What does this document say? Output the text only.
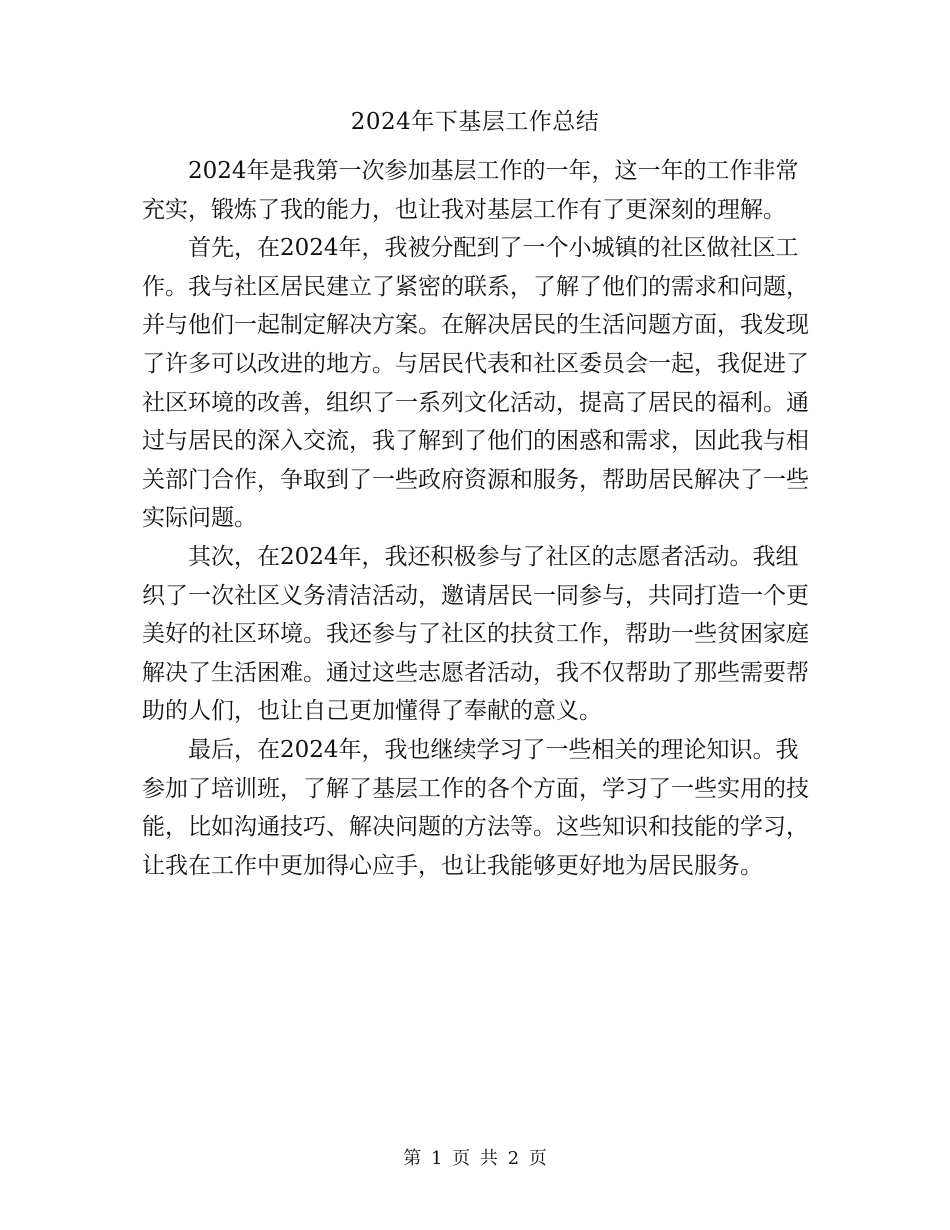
2024年下基层工作总结

2024年是我第一次参加基层工作的一年，这一年的工作非常充实，锻炼了我的能力，也让我对基层工作有了更深刻的理解。

首先，在2024年，我被分配到了一个小城镇的社区做社区工作。我与社区居民建立了紧密的联系，了解了他们的需求和问题，并与他们一起制定解决方案。在解决居民的生活问题方面，我发现了许多可以改进的地方。与居民代表和社区委员会一起，我促进了社区环境的改善，组织了一系列文化活动，提高了居民的福利。通过与居民的深入交流，我了解到了他们的困惑和需求，因此我与相关部门合作，争取到了一些政府资源和服务，帮助居民解决了一些实际问题。

其次，在2024年，我还积极参与了社区的志愿者活动。我组织了一次社区义务清洁活动，邀请居民一同参与，共同打造一个更美好的社区环境。我还参与了社区的扶贫工作，帮助一些贫困家庭解决了生活困难。通过这些志愿者活动，我不仅帮助了那些需要帮助的人们，也让自己更加懂得了奉献的意义。

最后，在2024年，我也继续学习了一些相关的理论知识。我参加了培训班，了解了基层工作的各个方面，学习了一些实用的技能，比如沟通技巧、解决问题的方法等。这些知识和技能的学习，让我在工作中更加得心应手，也让我能够更好地为居民服务。

第 1 页 共 2 页
